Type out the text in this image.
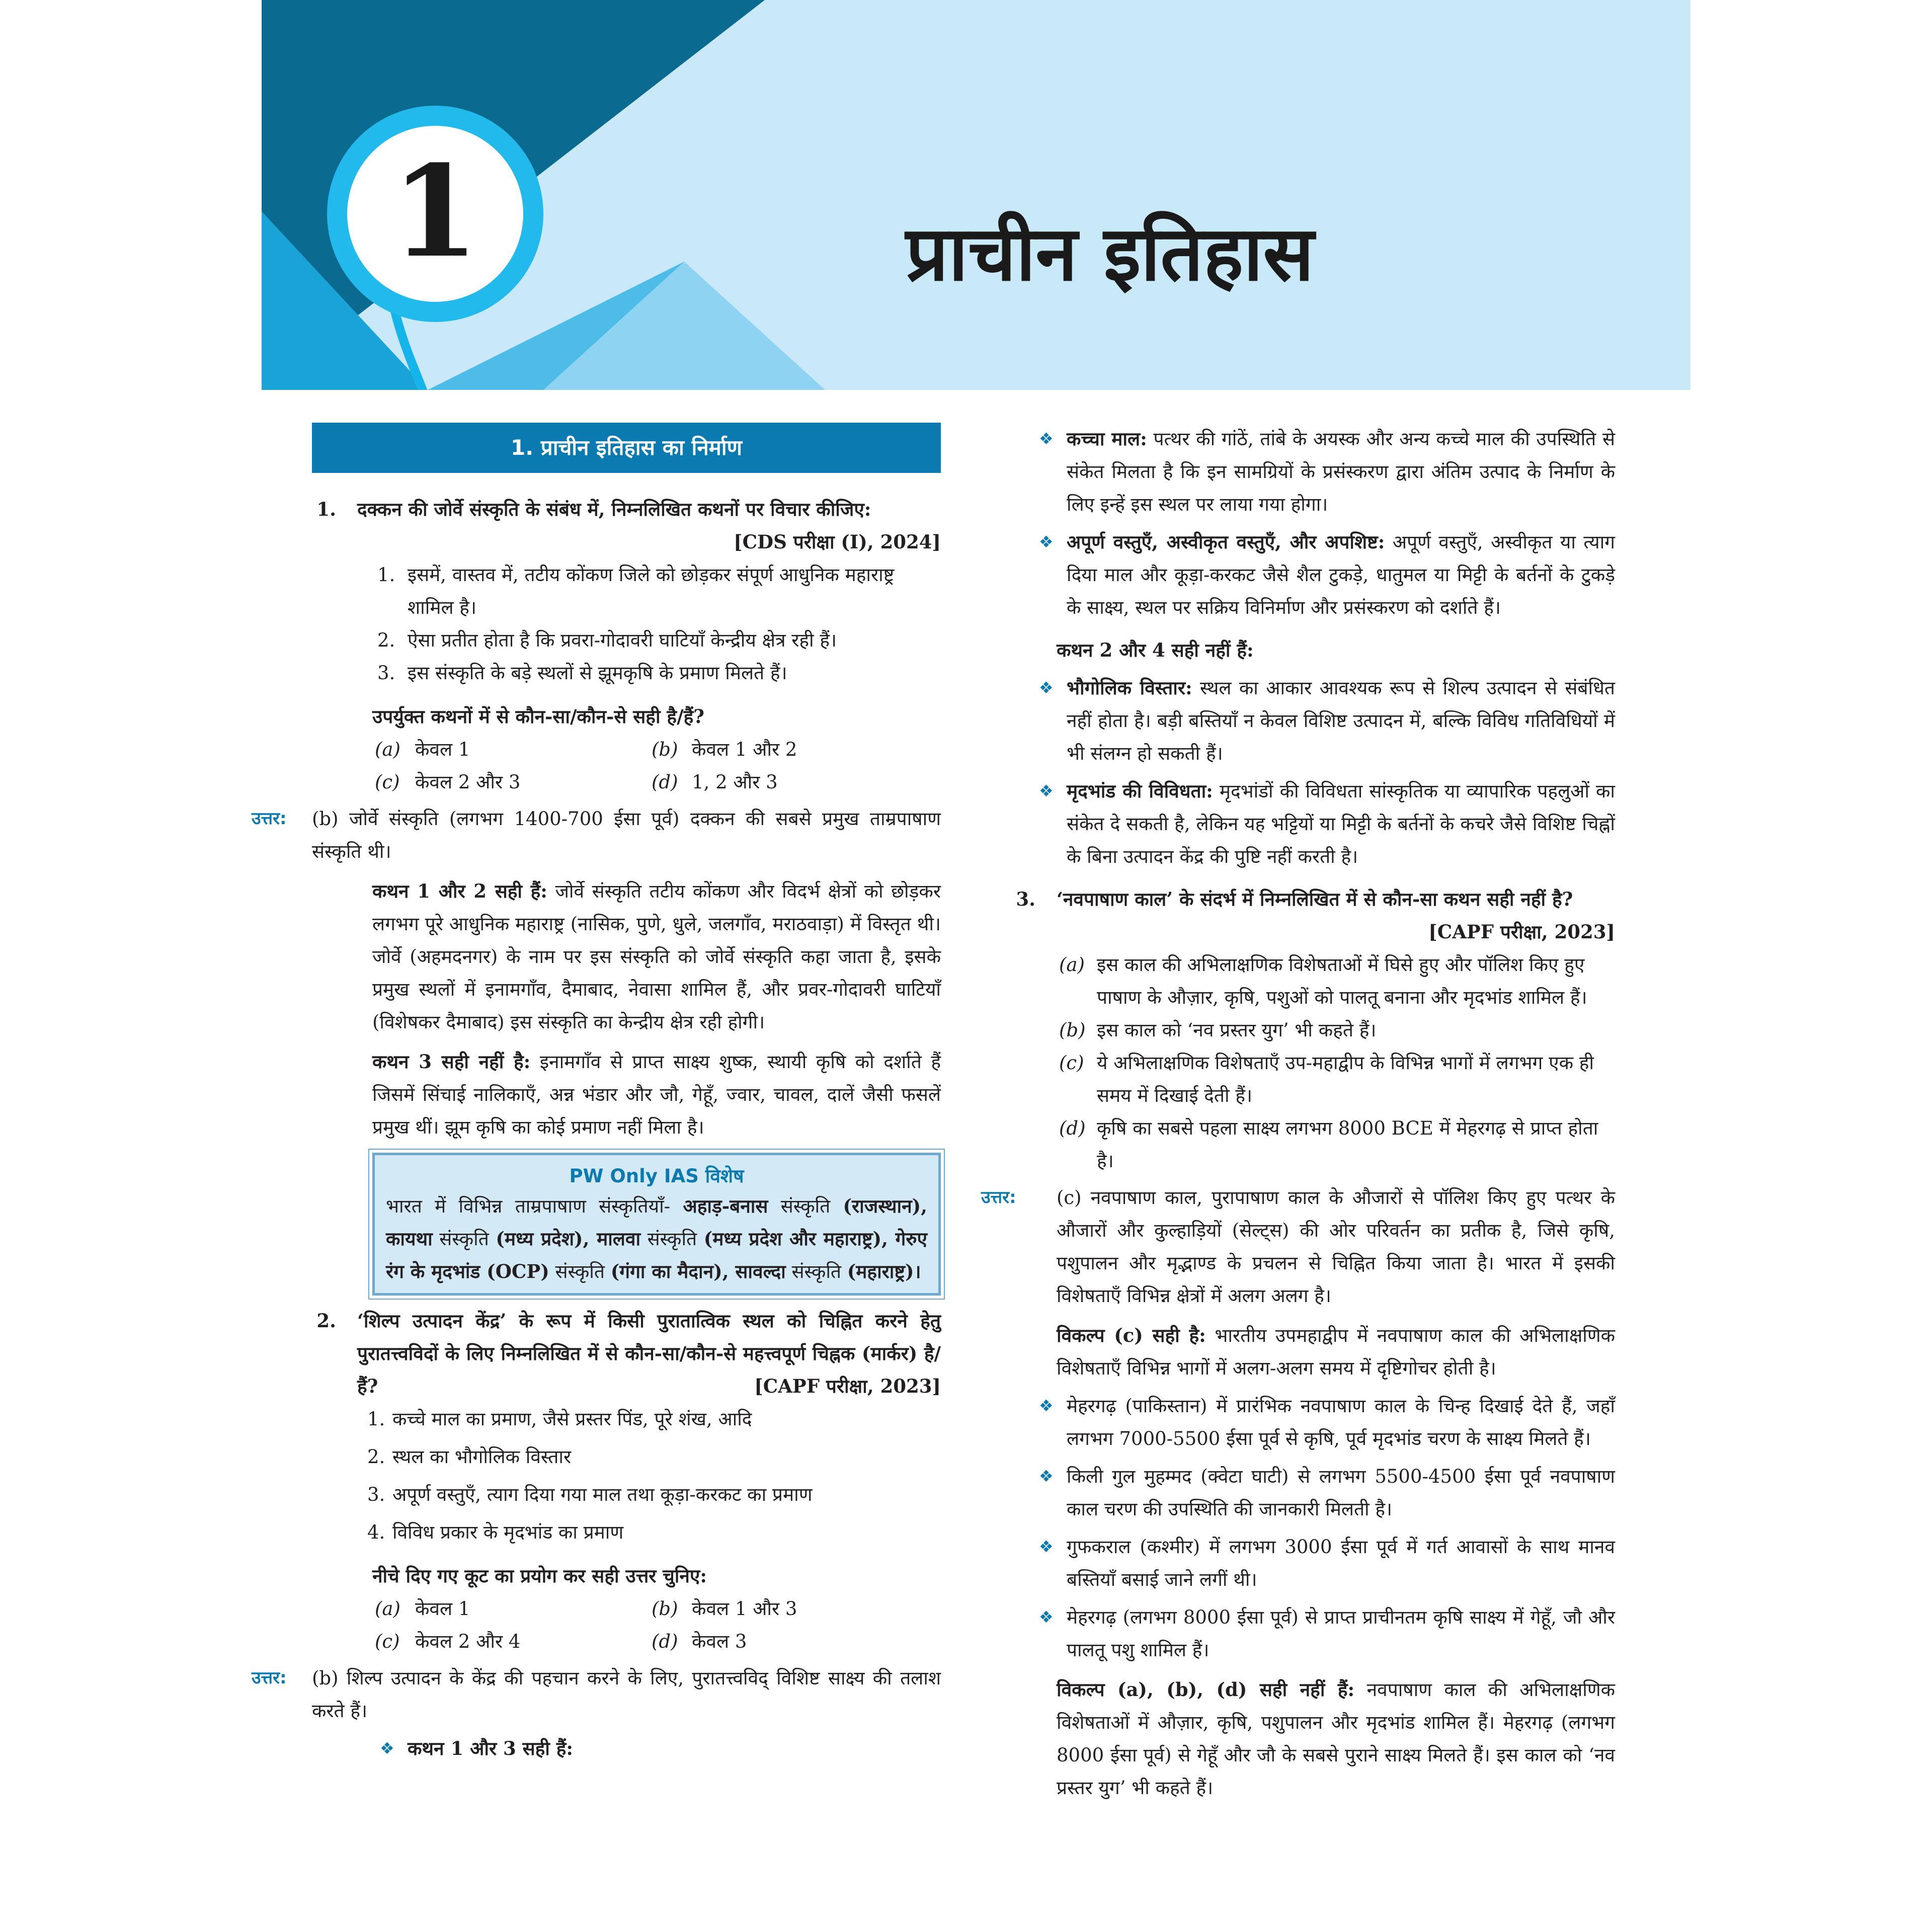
1	प्राचीन इतिहास
1. प्राचीन इतिहास का निर्माण
1.	दक्कन की जोर्वे संस्कृति के संबंध में, निम्नलिखित कथनों पर विचार कीजिए:
[CDS परीक्षा (I), 2024]
1. इसमें, वास्तव में, तटीय कोंकण जिले को छोड़कर संपूर्ण आधुनिक महाराष्ट्र शामिल है।
2. ऐसा प्रतीत होता है कि प्रवरा-गोदावरी घाटियाँ केन्द्रीय क्षेत्र रही हैं।
3. इस संस्कृति के बड़े स्थलों से झूमकृषि के प्रमाण मिलते हैं।
उपर्युक्त कथनों में से कौन-सा/कौन-से सही है/हैं?
(a) केवल 1	(b) केवल 1 और 2
(c) केवल 2 और 3	(d) 1, 2 और 3
उत्तर: (b) जोर्वे संस्कृति (लगभग 1400-700 ईसा पूर्व) दक्कन की सबसे प्रमुख ताम्रपाषाण संस्कृति थी।
कथन 1 और 2 सही हैं: जोर्वे संस्कृति तटीय कोंकण और विदर्भ क्षेत्रों को छोड़कर लगभग पूरे आधुनिक महाराष्ट्र (नासिक, पुणे, धुले, जलगाँव, मराठवाड़ा) में विस्तृत थी। जोर्वे (अहमदनगर) के नाम पर इस संस्कृति को जोर्वे संस्कृति कहा जाता है, इसके प्रमुख स्थलों में इनामगाँव, दैमाबाद, नेवासा शामिल हैं, और प्रवर-गोदावरी घाटियाँ (विशेषकर दैमाबाद) इस संस्कृति का केन्द्रीय क्षेत्र रही होगी।
कथन 3 सही नहीं है: इनामगाँव से प्राप्त साक्ष्य शुष्क, स्थायी कृषि को दर्शाते हैं जिसमें सिंचाई नालिकाएँ, अन्न भंडार और जौ, गेहूँ, ज्वार, चावल, दालें जैसी फसलें प्रमुख थीं। झूम कृषि का कोई प्रमाण नहीं मिला है।
PW Only IAS विशेष
भारत में विभिन्न ताम्रपाषाण संस्कृतियाँ- अहाड़-बनास संस्कृति (राजस्थान), कायथा संस्कृति (मध्य प्रदेश), मालवा संस्कृति (मध्य प्रदेश और महाराष्ट्र), गेरुए रंग के मृदभांड (OCP) संस्कृति (गंगा का मैदान), सावल्दा संस्कृति (महाराष्ट्र)।
2.	‘शिल्प उत्पादन केंद्र’ के रूप में किसी पुरातात्विक स्थल को चिह्नित करने हेतु पुरातत्त्वविदों के लिए निम्नलिखित में से कौन-सा/कौन-से महत्त्वपूर्ण चिह्नक (मार्कर) है/हैं?	[CAPF परीक्षा, 2023]
1. कच्चे माल का प्रमाण, जैसे प्रस्तर पिंड, पूरे शंख, आदि
2. स्थल का भौगोलिक विस्तार
3. अपूर्ण वस्तुएँ, त्याग दिया गया माल तथा कूड़ा-करकट का प्रमाण
4. विविध प्रकार के मृदभांड का प्रमाण
नीचे दिए गए कूट का प्रयोग कर सही उत्तर चुनिए:
(a) केवल 1	(b) केवल 1 और 3
(c) केवल 2 और 4	(d) केवल 3
उत्तर: (b) शिल्प उत्पादन के केंद्र की पहचान करने के लिए, पुरातत्त्वविद् विशिष्ट साक्ष्य की तलाश करते हैं।
❖ कथन 1 और 3 सही हैं:
❖ कच्चा माल: पत्थर की गांठें, तांबे के अयस्क और अन्य कच्चे माल की उपस्थिति से संकेत मिलता है कि इन सामग्रियों के प्रसंस्करण द्वारा अंतिम उत्पाद के निर्माण के लिए इन्हें इस स्थल पर लाया गया होगा।
❖ अपूर्ण वस्तुएँ, अस्वीकृत वस्तुएँ, और अपशिष्ट: अपूर्ण वस्तुएँ, अस्वीकृत या त्याग दिया माल और कूड़ा-करकट जैसे शैल टुकड़े, धातुमल या मिट्टी के बर्तनों के टुकड़े के साक्ष्य, स्थल पर सक्रिय विनिर्माण और प्रसंस्करण को दर्शाते हैं।
कथन 2 और 4 सही नहीं हैं:
❖ भौगोलिक विस्तार: स्थल का आकार आवश्यक रूप से शिल्प उत्पादन से संबंधित नहीं होता है। बड़ी बस्तियाँ न केवल विशिष्ट उत्पादन में, बल्कि विविध गतिविधियों में भी संलग्न हो सकती हैं।
❖ मृदभांड की विविधता: मृदभांडों की विविधता सांस्कृतिक या व्यापारिक पहलुओं का संकेत दे सकती है, लेकिन यह भट्टियों या मिट्टी के बर्तनों के कचरे जैसे विशिष्ट चिह्नों के बिना उत्पादन केंद्र की पुष्टि नहीं करती है।
3.	‘नवपाषाण काल’ के संदर्भ में निम्नलिखित में से कौन-सा कथन सही नहीं है?
[CAPF परीक्षा, 2023]
(a) इस काल की अभिलाक्षणिक विशेषताओं में घिसे हुए और पॉलिश किए हुए पाषाण के औज़ार, कृषि, पशुओं को पालतू बनाना और मृदभांड शामिल हैं।
(b) इस काल को ‘नव प्रस्तर युग’ भी कहते हैं।
(c) ये अभिलाक्षणिक विशेषताएँ उप-महाद्वीप के विभिन्न भागों में लगभग एक ही समय में दिखाई देती हैं।
(d) कृषि का सबसे पहला साक्ष्य लगभग 8000 BCE में मेहरगढ़ से प्राप्त होता है।
उत्तर: (c) नवपाषाण काल, पुरापाषाण काल के औजारों से पॉलिश किए हुए पत्थर के औजारों और कुल्हाड़ियों (सेल्ट्स) की ओर परिवर्तन का प्रतीक है, जिसे कृषि, पशुपालन और मृद्भाण्ड के प्रचलन से चिह्नित किया जाता है। भारत में इसकी विशेषताएँ विभिन्न क्षेत्रों में अलग अलग है।
विकल्प (c) सही है: भारतीय उपमहाद्वीप में नवपाषाण काल की अभिलाक्षणिक विशेषताएँ विभिन्न भागों में अलग-अलग समय में दृष्टिगोचर होती है।
❖ मेहरगढ़ (पाकिस्तान) में प्रारंभिक नवपाषाण काल के चिन्ह दिखाई देते हैं, जहाँ लगभग 7000-5500 ईसा पूर्व से कृषि, पूर्व मृदभांड चरण के साक्ष्य मिलते हैं।
❖ किली गुल मुहम्मद (क्वेटा घाटी) से लगभग 5500-4500 ईसा पूर्व नवपाषाण काल चरण की उपस्थिति की जानकारी मिलती है।
❖ गुफकराल (कश्मीर) में लगभग 3000 ईसा पूर्व में गर्त आवासों के साथ मानव बस्तियाँ बसाई जाने लगीं थी।
❖ मेहरगढ़ (लगभग 8000 ईसा पूर्व) से प्राप्त प्राचीनतम कृषि साक्ष्य में गेहूँ, जौ और पालतू पशु शामिल हैं।
विकल्प (a), (b), (d) सही नहीं हैं: नवपाषाण काल की अभिलाक्षणिक विशेषताओं में औज़ार, कृषि, पशुपालन और मृदभांड शामिल हैं। मेहरगढ़ (लगभग 8000 ईसा पूर्व) से गेहूँ और जौ के सबसे पुराने साक्ष्य मिलते हैं। इस काल को ‘नव प्रस्तर युग’ भी कहते हैं।
